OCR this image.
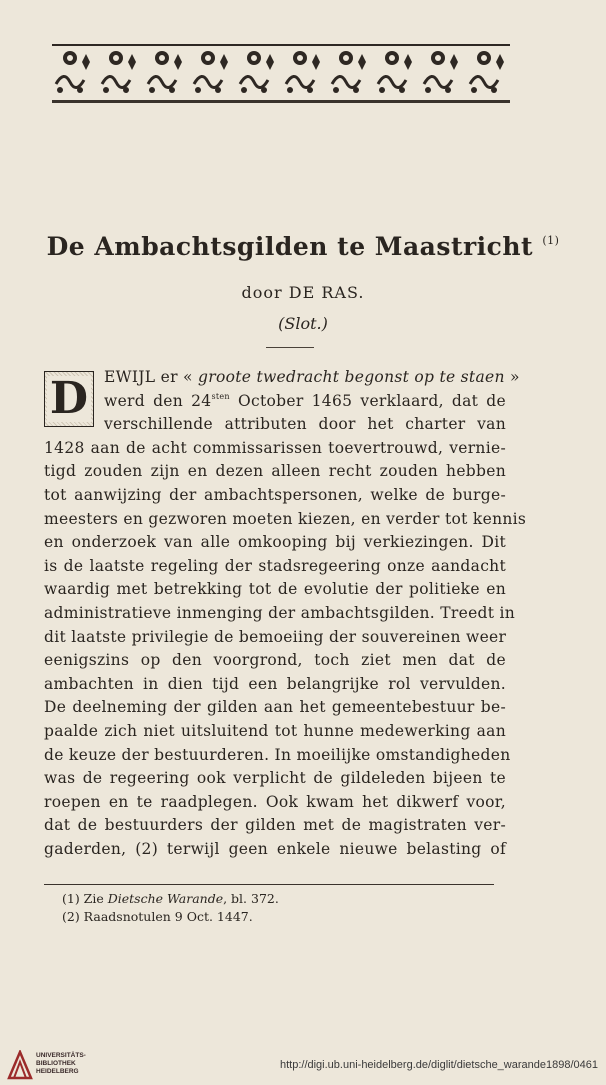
De Ambachtsgilden te Maastricht $^{(1)}$
door DE RAS.
(Slot.)
D	EWIJL er « groote twedracht begonst op te staen »
werd den $24^{sten}$ October 1465 verklaard, dat de
verschillende attributen door het charter van
1428 aan de acht commissarissen toevertrouwd, vernie-
tigd zouden zijn en dezen alleen recht zouden hebben
tot aanwijzing der ambachtspersonen, welke de burge-
meesters en gezworen moeten kiezen, en verder tot kennis
en onderzoek van alle omkooping bij verkiezingen. Dit
is de laatste regeling der stadsregeering onze aandacht
waardig met betrekking tot de evolutie der politieke en
administratieve inmenging der ambachtsgilden. Treedt in
dit laatste privilegie de bemoeiing der souvereinen weer
eenigszins op den voorgrond, toch ziet men dat de
ambachten in dien tijd een belangrijke rol vervulden.
De deelneming der gilden aan het gemeentebestuur be-
paalde zich niet uitsluitend tot hunne medewerking aan
de keuze der bestuurderen. In moeilijke omstandigheden
was de regeering ook verplicht de gildeleden bijeen te
roepen en te raadplegen. Ook kwam het dikwerf voor,
dat de bestuurders der gilden met de magistraten ver-
gaderden, (2) terwijl geen enkele nieuwe belasting of
(1) Zie Dietsche Warande, bl. 372.
(2) Raadsnotulen 9 Oct. 1447.
UNIVERSITÄTS-
BIBLIOTHEK
HEIDELBERG
http://digi.ub.uni-heidelberg.de/diglit/dietsche_warande1898/0461
